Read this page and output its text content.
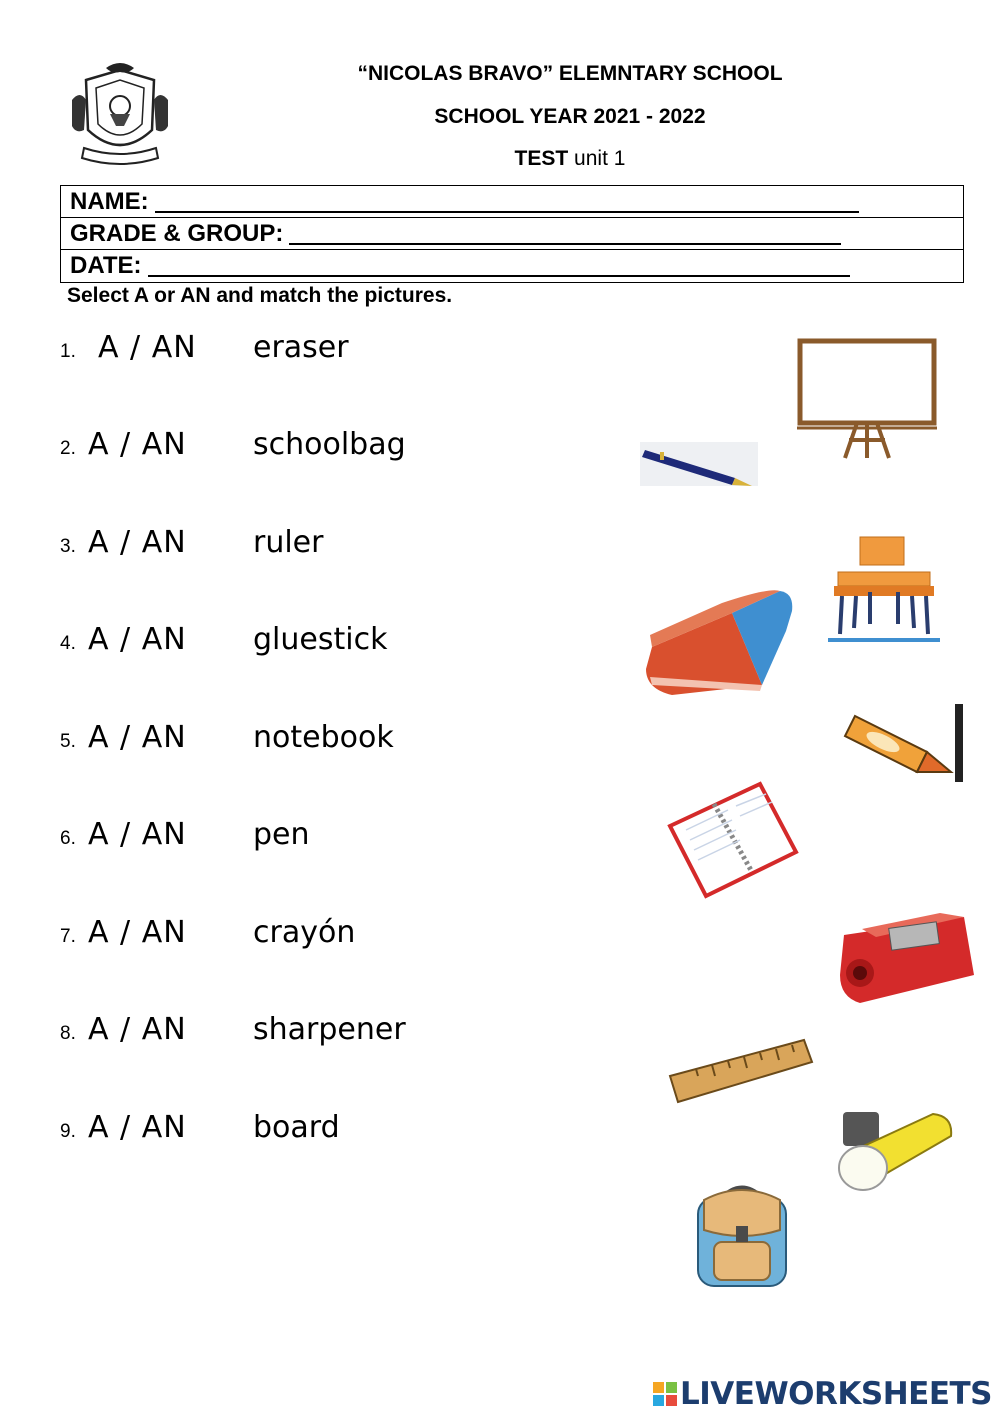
“NICOLAS BRAVO” ELEMNTARY SCHOOL
SCHOOL YEAR 2021 - 2022
TEST unit 1
NAME:
GRADE & GROUP:
DATE:
Select A or AN and match the pictures.
1. A / AN	eraser
2. A / AN	schoolbag
3. A / AN	ruler
4. A / AN	gluestick
5. A / AN	notebook
6. A / AN	pen
7. A / AN	crayón
8. A / AN	sharpener
9. A / AN	board
LIVE WORKSHEETS
